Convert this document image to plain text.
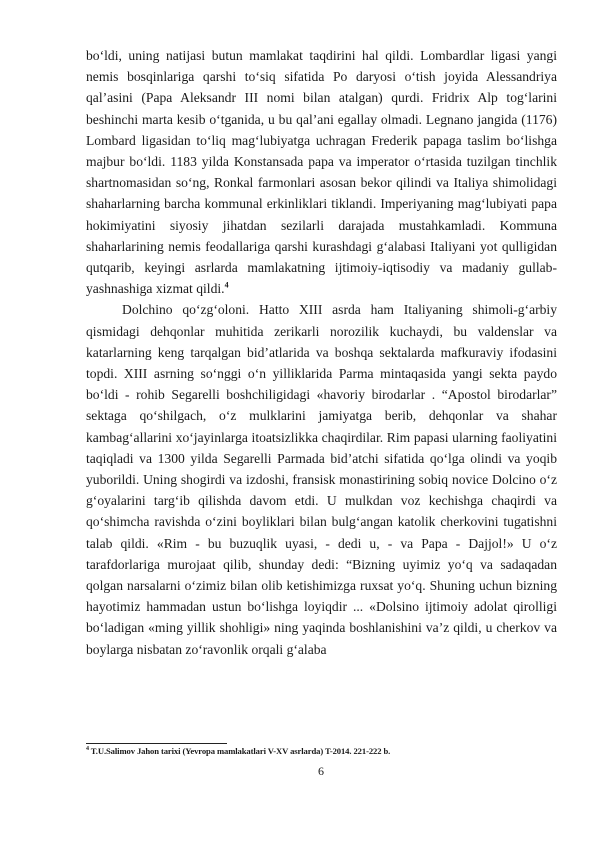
bo‘ldi, uning natijasi butun mamlakat taqdirini hal qildi. Lombardlar ligasi yangi nemis bosqinlariga qarshi to‘siq sifatida Po daryosi o‘tish joyida Alessandriya qal’asini (Papa Aleksandr III nomi bilan atalgan) qurdi. Fridrix Alp tog‘larini beshinchi marta kesib o‘tganida, u bu qal’ani egallay olmadi. Legnano jangida (1176) Lombard ligasidan to‘liq mag‘lubiyatga uchragan Frederik papaga taslim bo‘lishga majbur bo‘ldi. 1183 yilda Konstansada papa va imperator o‘rtasida tuzilgan tinchlik shartnomasidan so‘ng, Ronkal farmonlari asosan bekor qilindi va Italiya shimolidagi shaharlarning barcha kommunal erkinliklari tiklandi. Imperiyaning mag‘lubiyati papa hokimiyatini siyosiy jihatdan sezilarli darajada mustahkamladi. Kommuna shaharlarining nemis feodallariga qarshi kurashdagi g‘alabasi Italiyani yot qulligidan qutqarib, keyingi asrlarda mamlakatning ijtimoiy-iqtisodiy va madaniy gullab-yashnashiga xizmat qildi.$^4$

Dolchino qo‘zg‘oloni. Hatto XIII asrda ham Italiyaning shimoli-g‘arbiy qismidagi dehqonlar muhitida zerikarli norozilik kuchaydi, bu valdenslar va katarlarning keng tarqalgan bid’atlarida va boshqa sektalarda mafkuraviy ifodasini topdi. XIII asrning so‘nggi o‘n yilliklarida Parma mintaqasida yangi sekta paydo bo‘ldi - rohib Segarelli boshchiligidagi «havoriy birodarlar . “Apostol birodarlar” sektaga qo‘shilgach, o‘z mulklarini jamiyatga berib, dehqonlar va shahar kambag‘allarini xo‘jayinlarga itoatsizlikka chaqirdilar. Rim papasi ularning faoliyatini taqiqladi va 1300 yilda Segarelli Parmada bid’atchi sifatida qo‘lga olindi va yoqib yuborildi. Uning shogirdi va izdoshi, fransisk monastirining sobiq novice Dolcino o‘z g‘oyalarini targ‘ib qilishda davom etdi. U mulkdan voz kechishga chaqirdi va qo‘shimcha ravishda o‘zini boyliklari bilan bulg‘angan katolik cherkovini tugatishni talab qildi. «Rim - bu buzuqlik uyasi, - dedi u, - va Papa - Dajjol!» U o‘z tarafdorlariga murojaat qilib, shunday dedi: “Bizning uyimiz yo‘q va sadaqadan qolgan narsalarni o‘zimiz bilan olib ketishimizga ruxsat yo‘q. Shuning uchun bizning hayotimiz hammadan ustun bo‘lishga loyiqdir ... «Dolsino ijtimoiy adolat qirolligi bo‘ladigan «ming yillik shohligi» ning yaqinda boshlanishini va’z qildi, u cherkov va boylarga nisbatan zo‘ravonlik orqali g‘alaba

$^4$ T.U.Salimov Jahon tarixi (Yevropa mamlakatlari V-XV asrlarda) T-2014. 221-222 b.
6
